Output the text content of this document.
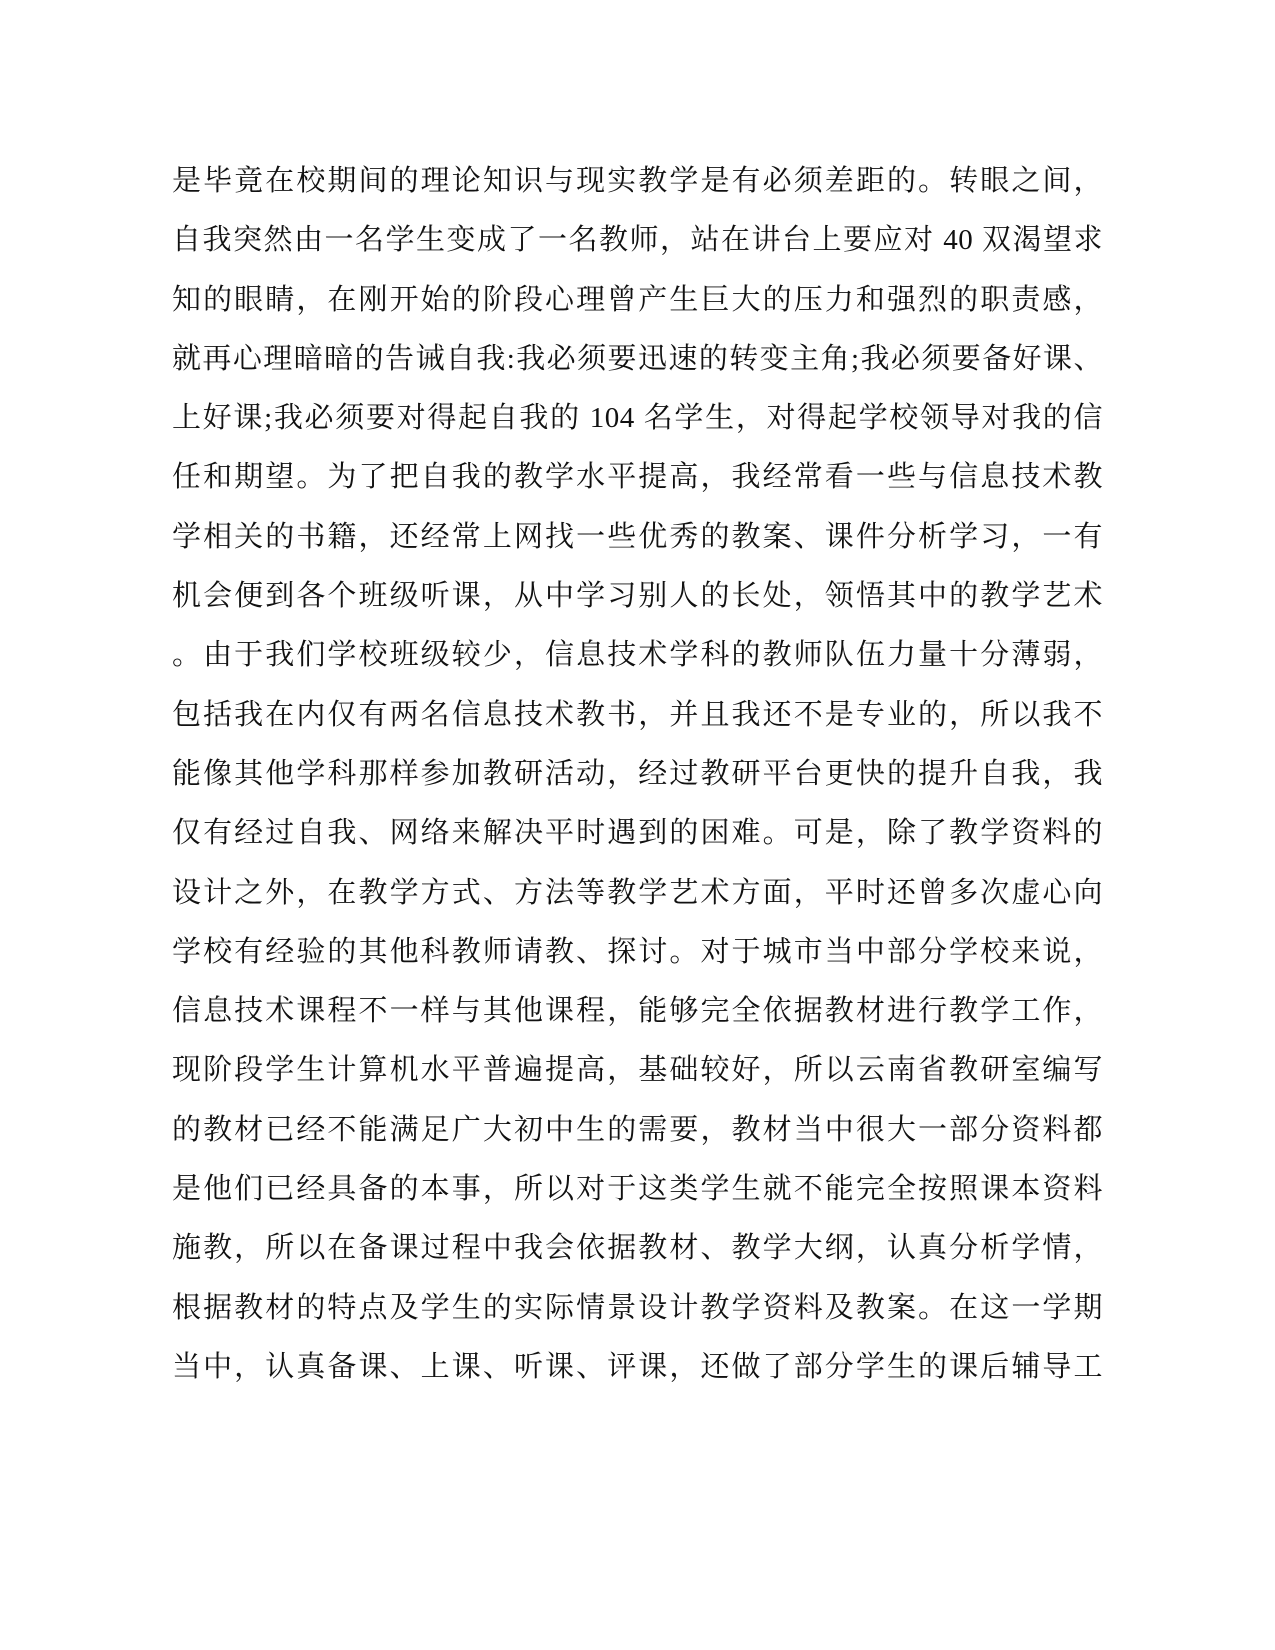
是毕竟在校期间的理论知识与现实教学是有必须差距的。转眼之间，
自我突然由一名学生变成了一名教师，站在讲台上要应对 40 双渴望求
知的眼睛，在刚开始的阶段心理曾产生巨大的压力和强烈的职责感，
就再心理暗暗的告诫自我:我必须要迅速的转变主角;我必须要备好课、
上好课;我必须要对得起自我的 104 名学生，对得起学校领导对我的信
任和期望。为了把自我的教学水平提高，我经常看一些与信息技术教
学相关的书籍，还经常上网找一些优秀的教案、课件分析学习，一有
机会便到各个班级听课，从中学习别人的长处，领悟其中的教学艺术
。由于我们学校班级较少，信息技术学科的教师队伍力量十分薄弱，
包括我在内仅有两名信息技术教书，并且我还不是专业的，所以我不
能像其他学科那样参加教研活动，经过教研平台更快的提升自我，我
仅有经过自我、网络来解决平时遇到的困难。可是，除了教学资料的
设计之外，在教学方式、方法等教学艺术方面，平时还曾多次虚心向
学校有经验的其他科教师请教、探讨。对于城市当中部分学校来说，
信息技术课程不一样与其他课程，能够完全依据教材进行教学工作，
现阶段学生计算机水平普遍提高，基础较好，所以云南省教研室编写
的教材已经不能满足广大初中生的需要，教材当中很大一部分资料都
是他们已经具备的本事，所以对于这类学生就不能完全按照课本资料
施教，所以在备课过程中我会依据教材、教学大纲，认真分析学情，
根据教材的特点及学生的实际情景设计教学资料及教案。在这一学期
当中，认真备课、上课、听课、评课，还做了部分学生的课后辅导工
